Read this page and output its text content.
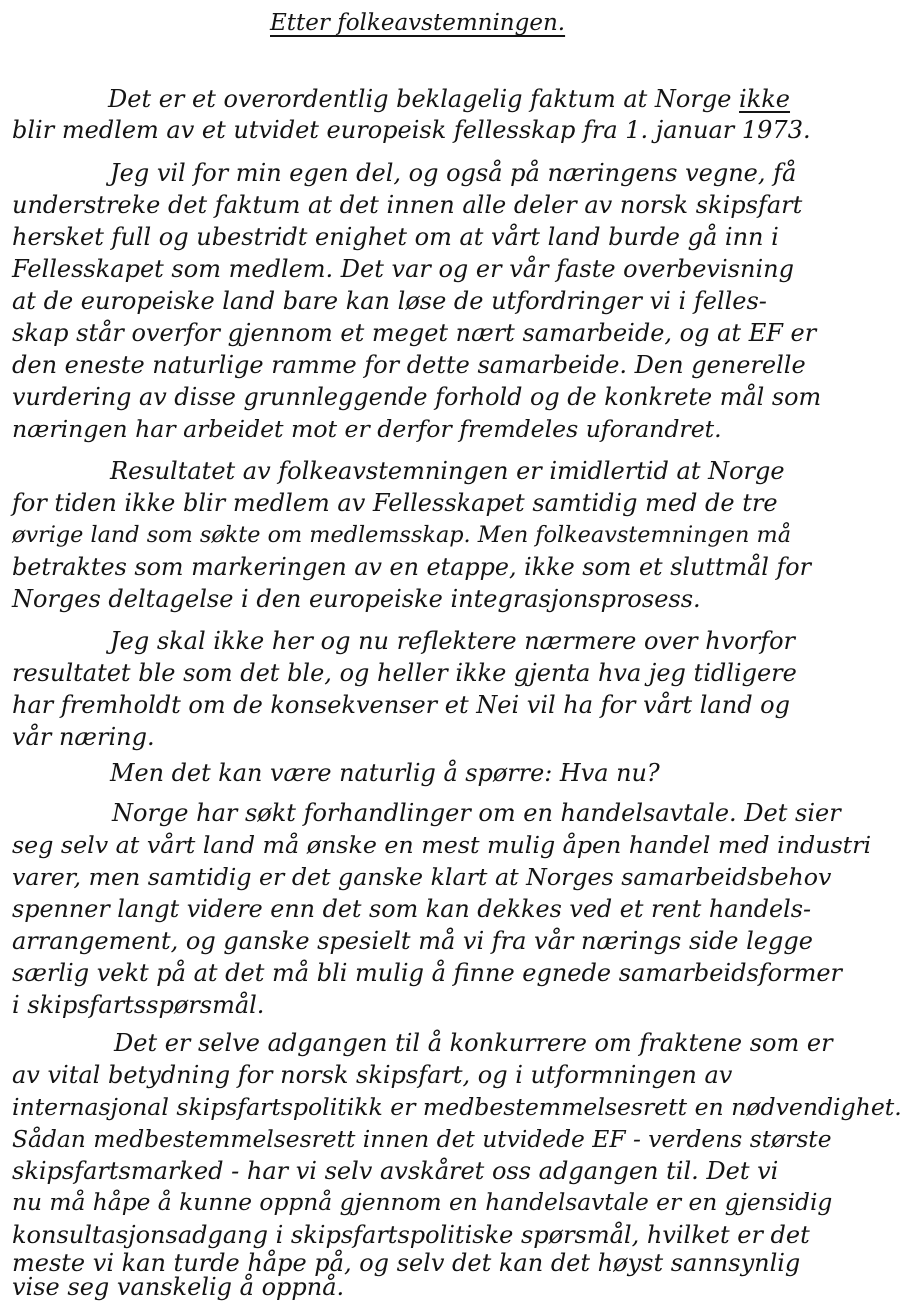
Etter folkeavstemningen.
Det er et overordentlig beklagelig faktum at Norge ikke
blir medlem av et utvidet europeisk fellesskap fra 1. januar 1973.
Jeg vil for min egen del, og også på næringens vegne, få
understreke det faktum at det innen alle deler av norsk skipsfart
hersket full og ubestridt enighet om at vårt land burde gå inn i
Fellesskapet som medlem. Det var og er vår faste overbevisning
at de europeiske land bare kan løse de utfordringer vi i felles-
skap står overfor gjennom et meget nært samarbeide, og at EF er
den eneste naturlige ramme for dette samarbeide. Den generelle
vurdering av disse grunnleggende forhold og de konkrete mål som
næringen har arbeidet mot er derfor fremdeles uforandret.
Resultatet av folkeavstemningen er imidlertid at Norge
for tiden ikke blir medlem av Fellesskapet samtidig med de tre
øvrige land som søkte om medlemsskap. Men folkeavstemningen må
betraktes som markeringen av en etappe, ikke som et sluttmål for
Norges deltagelse i den europeiske integrasjonsprosess.
Jeg skal ikke her og nu reflektere nærmere over hvorfor
resultatet ble som det ble, og heller ikke gjenta hva jeg tidligere
har fremholdt om de konsekvenser et Nei vil ha for vårt land og
vår næring.
Men det kan være naturlig å spørre: Hva nu?
Norge har søkt forhandlinger om en handelsavtale. Det sier
seg selv at vårt land må ønske en mest mulig åpen handel med industri
varer, men samtidig er det ganske klart at Norges samarbeidsbehov
spenner langt videre enn det som kan dekkes ved et rent handels-
arrangement, og ganske spesielt må vi fra vår nærings side legge
særlig vekt på at det må bli mulig å finne egnede samarbeidsformer
i skipsfartsspørsmål.
Det er selve adgangen til å konkurrere om fraktene som er
av vital betydning for norsk skipsfart, og i utformningen av
internasjonal skipsfartspolitikk er medbestemmelsesrett en nødvendighet.
Sådan medbestemmelsesrett innen det utvidede EF - verdens største
skipsfartsmarked - har vi selv avskåret oss adgangen til. Det vi
nu må håpe å kunne oppnå gjennom en handelsavtale er en gjensidig
konsultasjonsadgang i skipsfartspolitiske spørsmål, hvilket er det
meste vi kan turde håpe på, og selv det kan det høyst sannsynlig
vise seg vanskelig å oppnå.
